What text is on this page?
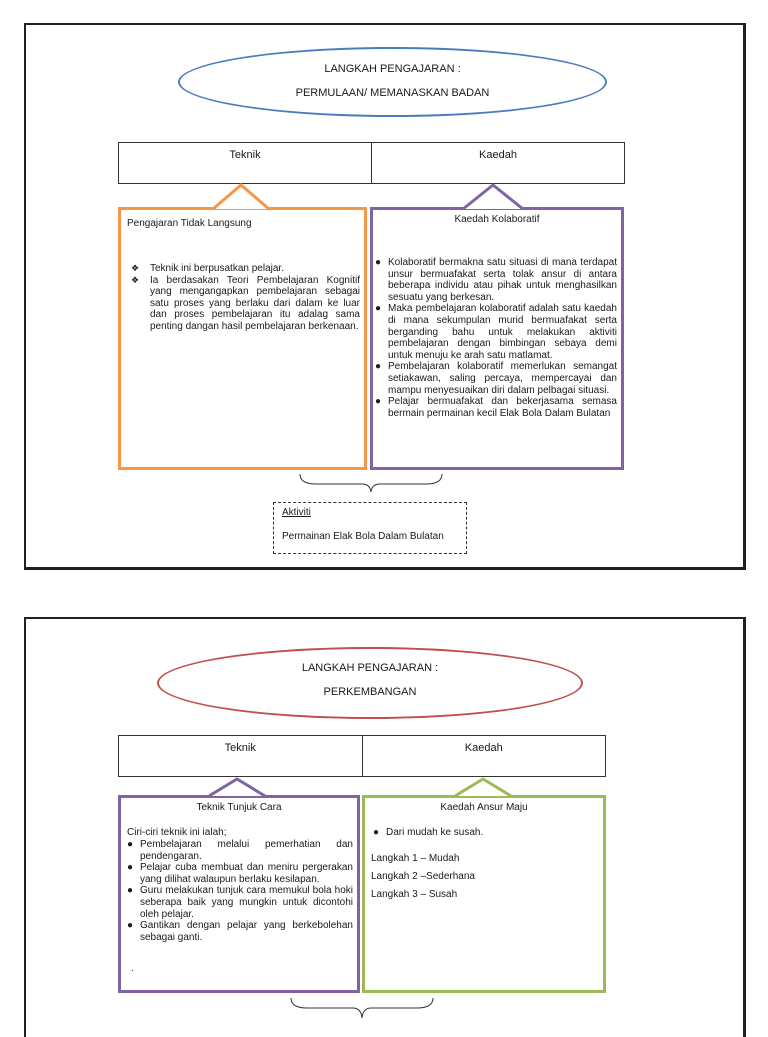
LANGKAH PENGAJARAN :
PERMULAAN/ MEMANASKAN BADAN
Teknik	Kaedah
Pengajaran Tidak Langsung
❖ Teknik ini berpusatkan pelajar.
❖ Ia berdasakan Teori Pembelajaran Kognitif yang mengangapkan pembelajaran sebagai satu proses yang berlaku dari dalam ke luar dan proses pembelajaran itu adalag sama penting dangan hasil pembelajaran berkenaan.
Kaedah Kolaboratif
● Kolaboratif bermakna satu situasi di mana terdapat unsur bermuafakat serta tolak ansur di antara beberapa individu atau pihak untuk menghasilkan sesuatu yang berkesan.
● Maka pembelajaran kolaboratif adalah satu kaedah di mana sekumpulan murid bermuafakat serta berganding bahu untuk melakukan aktiviti pembelajaran dengan bimbingan sebaya demi untuk menuju ke arah satu matlamat.
● Pembelajaran kolaboratif memerlukan semangat setiakawan, saling percaya, mempercayai dan mampu menyesuaikan diri dalam pelbagai situasi.
● Pelajar bermuafakat dan bekerjasama semasa bermain permainan kecil Elak Bola Dalam Bulatan
Aktiviti
Permainan Elak Bola Dalam Bulatan
LANGKAH PENGAJARAN :
PERKEMBANGAN
Teknik	Kaedah
Teknik Tunjuk Cara
Ciri-ciri teknik ini ialah;
● Pembelajaran melalui pemerhatian dan pendengaran.
● Pelajar cuba membuat dan meniru pergerakan yang dilihat walaupun berlaku kesilapan.
● Guru melakukan tunjuk cara memukul bola hoki seberapa baik yang mungkin untuk dicontohi oleh pelajar.
● Gantikan dengan pelajar yang berkebolehan sebagai ganti.
.
Kaedah Ansur Maju
● Dari mudah ke susah.
Langkah 1 – Mudah
Langkah 2 –Sederhana
Langkah 3 – Susah
